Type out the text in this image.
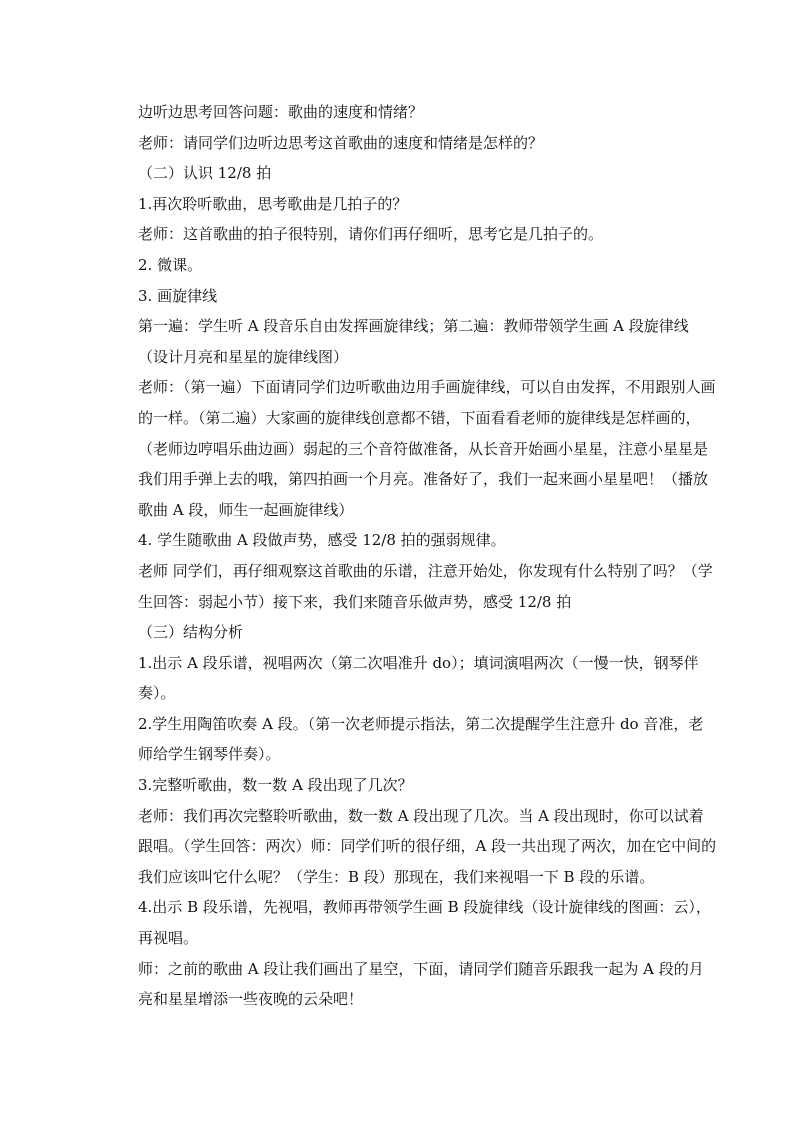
边听边思考回答问题：歌曲的速度和情绪？

老师：请同学们边听边思考这首歌曲的速度和情绪是怎样的？

（二）认识 12/8 拍

1.再次聆听歌曲，思考歌曲是几拍子的？

老师：这首歌曲的拍子很特别，请你们再仔细听，思考它是几拍子的。

2. 微课。

3. 画旋律线

第一遍：学生听 A 段音乐自由发挥画旋律线；第二遍：教师带领学生画 A 段旋律线（设计月亮和星星的旋律线图）

老师：（第一遍）下面请同学们边听歌曲边用手画旋律线，可以自由发挥，不用跟别人画的一样。（第二遍）大家画的旋律线创意都不错，下面看看老师的旋律线是怎样画的，（老师边哼唱乐曲边画）弱起的三个音符做准备，从长音开始画小星星，注意小星星是我们用手弹上去的哦，第四拍画一个月亮。准备好了，我们一起来画小星星吧！（播放歌曲 A 段，师生一起画旋律线）

4. 学生随歌曲 A 段做声势，感受 12/8 拍的强弱规律。

老师 同学们，再仔细观察这首歌曲的乐谱，注意开始处，你发现有什么特别了吗？（学生回答：弱起小节）接下来，我们来随音乐做声势，感受 12/8 拍

（三）结构分析

1.出示 A 段乐谱，视唱两次（第二次唱准升 do）；填词演唱两次（一慢一快，钢琴伴奏）。

2.学生用陶笛吹奏 A 段。（第一次老师提示指法，第二次提醒学生注意升 do 音准，老师给学生钢琴伴奏）。

3.完整听歌曲，数一数 A 段出现了几次？

老师：我们再次完整聆听歌曲，数一数 A 段出现了几次。当 A 段出现时，你可以试着跟唱。（学生回答：两次）师：同学们听的很仔细，A 段一共出现了两次，加在它中间的我们应该叫它什么呢？（学生：B 段）那现在，我们来视唱一下 B 段的乐谱。

4.出示 B 段乐谱，先视唱，教师再带领学生画 B 段旋律线（设计旋律线的图画：云），再视唱。

师：之前的歌曲 A 段让我们画出了星空，下面，请同学们随音乐跟我一起为 A 段的月亮和星星增添一些夜晚的云朵吧！
